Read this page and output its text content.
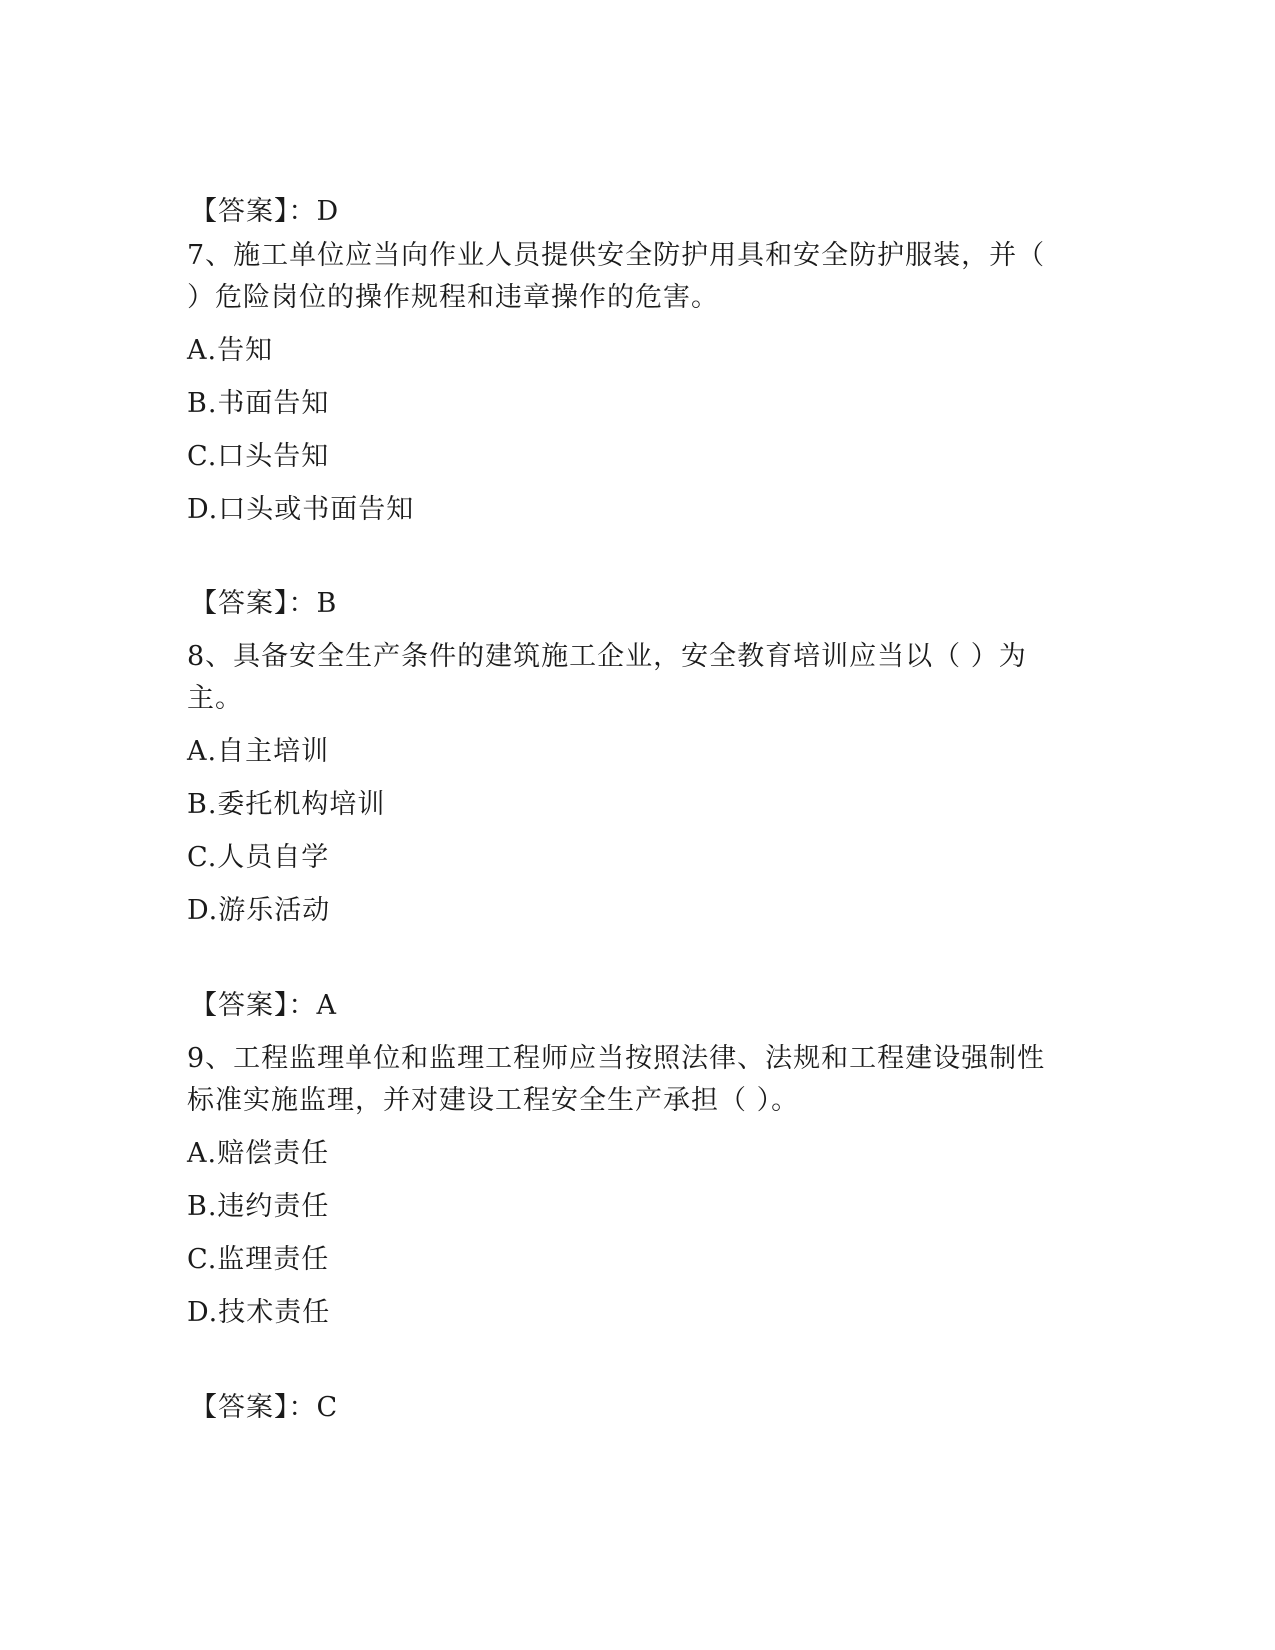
【答案】：D
7、施工单位应当向作业人员提供安全防护用具和安全防护服装，并（
）危险岗位的操作规程和违章操作的危害。
A.告知
B.书面告知
C.口头告知
D.口头或书面告知
【答案】：B
8、具备安全生产条件的建筑施工企业，安全教育培训应当以（ ）为
主。
A.自主培训
B.委托机构培训
C.人员自学
D.游乐活动
【答案】：A
9、工程监理单位和监理工程师应当按照法律、法规和工程建设强制性
标准实施监理，并对建设工程安全生产承担（ ）。
A.赔偿责任
B.违约责任
C.监理责任
D.技术责任
【答案】：C
